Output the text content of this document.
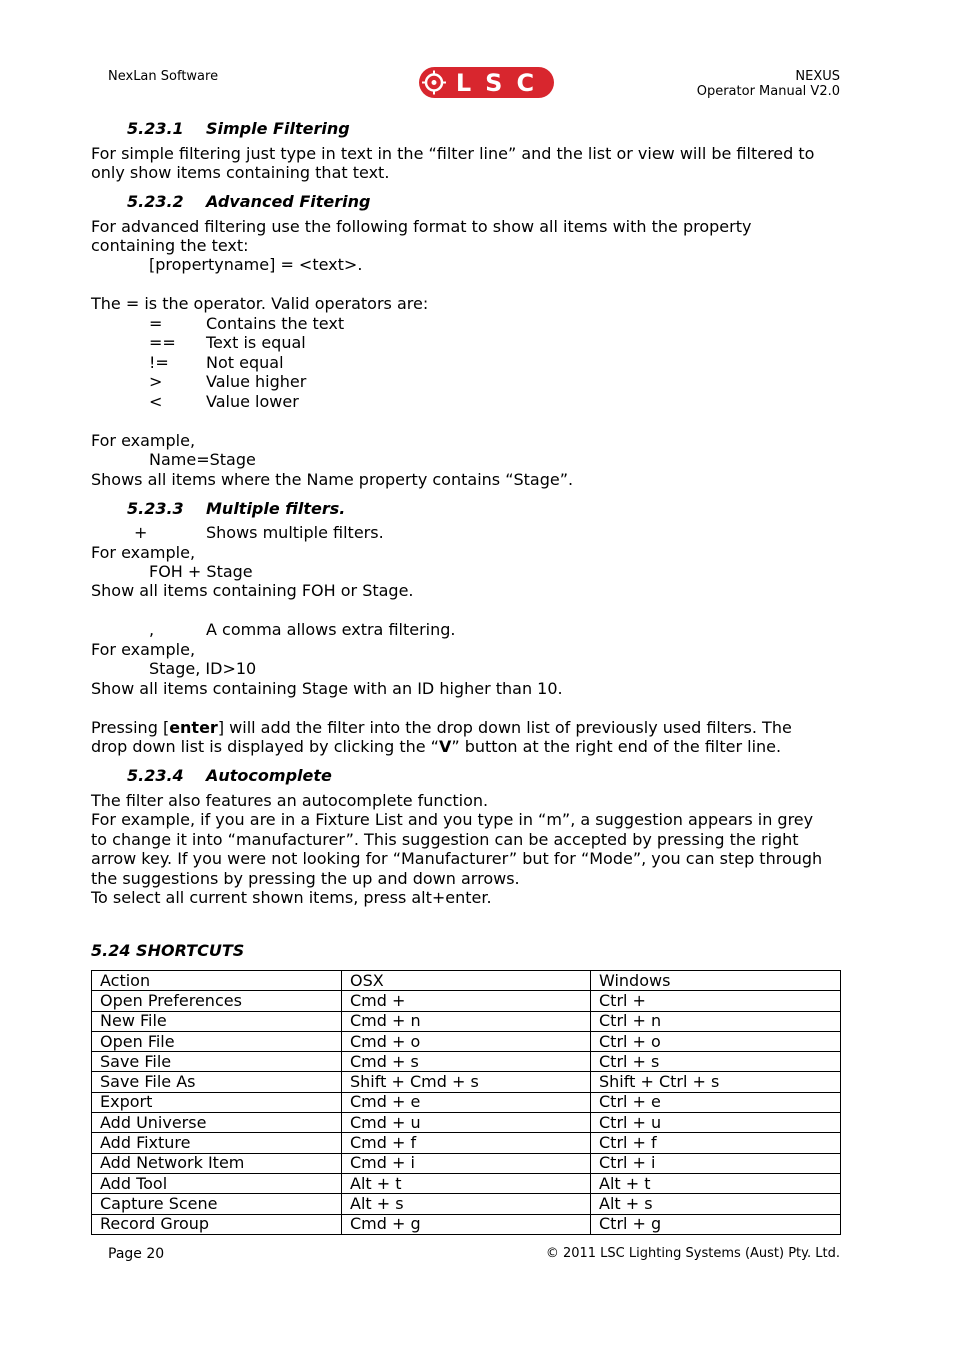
NexLan Software	LSC	NEXUS
Operator Manual V2.0
5.23.1 Simple Filtering
For simple filtering just type in text in the “filter line” and the list or view will be filtered to
only show items containing that text.
5.23.2 Advanced Fitering
For advanced filtering use the following format to show all items with the property
containing the text:
[propertyname] = <text>.
The = is the operator. Valid operators are:
=	Contains the text
== Text is equal
!= Not equal
>	Value higher
<	Value lower
For example,
Name=Stage
Shows all items where the Name property contains “Stage”.
5.23.3 Multiple filters.
+	Shows multiple filters.
For example,
FOH + Stage
Show all items containing FOH or Stage.
,	A comma allows extra filtering.
For example,
Stage, ID>10
Show all items containing Stage with an ID higher than 10.
Pressing [enter] will add the filter into the drop down list of previously used filters. The
drop down list is displayed by clicking the “V” button at the right end of the filter line.
5.23.4 Autocomplete
The filter also features an autocomplete function.
For example, if you are in a Fixture List and you type in “m”, a suggestion appears in grey
to change it into “manufacturer”. This suggestion can be accepted by pressing the right
arrow key. If you were not looking for “Manufacturer” but for “Mode”, you can step through
the suggestions by pressing the up and down arrows.
To select all current shown items, press alt+enter.
5.24 SHORTCUTS
Action	OSX	Windows
Open Preferences	Cmd +	Ctrl +
New File	Cmd + n	Ctrl + n
Open File	Cmd + o	Ctrl + o
Save File	Cmd + s	Ctrl + s
Save File As	Shift + Cmd + s	Shift + Ctrl + s
Export	Cmd + e	Ctrl + e
Add Universe	Cmd + u	Ctrl + u
Add Fixture	Cmd + f	Ctrl + f
Add Network Item	Cmd + i	Ctrl + i
Add Tool	Alt + t	Alt + t
Capture Scene	Alt + s	Alt + s
Record Group	Cmd + g	Ctrl + g
Page 20	© 2011 LSC Lighting Systems (Aust) Pty. Ltd.
